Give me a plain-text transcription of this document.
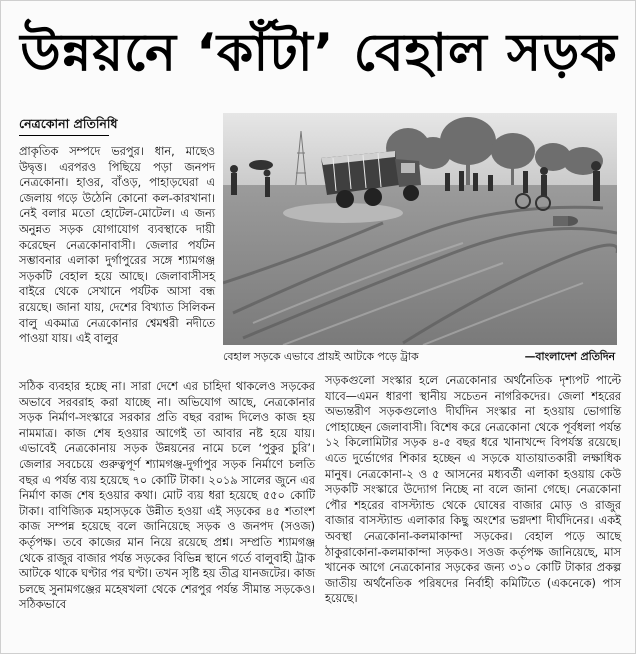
উন্নয়নে ‘কাঁটা’ বেহাল সড়ক
নেত্রকোনা প্রতিনিধি
প্রাকৃতিক সম্পদে ভরপুর। ধান, মাছেও উদ্বৃত্ত। এরপরও পিছিয়ে পড়া জনপদ নেত্রকোনা। হাওর, বাঁওড়, পাহাড়ঘেরা এ জেলায় গড়ে উঠেনি কোনো কল-কারখানা। নেই বলার মতো হোটেল-মোটেল। এ জন্য অনুন্নত সড়ক যোগাযোগ ব্যবস্থাকে দায়ী করেছেন নেত্রকোনাবাসী। জেলার পর্যটন সম্ভাবনার এলাকা দুর্গাপুরের সঙ্গে শ্যামগঞ্জ সড়কটি বেহাল হয়ে আছে। জেলাবাসীসহ বাইরে থেকে সেখানে পর্যটক আসা বন্ধ রয়েছে। জানা যায়, দেশের বিখ্যাত সিলিকন বালু একমাত্র নেত্রকোনার শ্বেমশ্বরী নদীতে পাওয়া যায়। এই বালুর
বেহাল সড়কে এভাবে প্রায়ই আটকে পড়ে ট্রাক	—বাংলাদেশ প্রতিদিন
সঠিক ব্যবহার হচ্ছে না। সারা দেশে এর চাহিদা থাকলেও সড়কের অভাবে সরবরাহ করা যাচ্ছে না। অভিযোগ আছে, নেত্রকোনার সড়ক নির্মাণ-সংস্কারে সরকার প্রতি বছর বরাদ্দ দিলেও কাজ হয় নামমাত্র। কাজ শেষ হওয়ার আগেই তা আবার নষ্ট হয়ে যায়। এভাবেই নেত্রকোনায় সড়ক উন্নয়নের নামে চলে ‘পুকুর চুরি’। জেলার সবচেয়ে গুরুত্বপূর্ণ শ্যামগঞ্জ-দুর্গাপুর সড়ক নির্মাণে চলতি বছর এ পর্যন্ত ব্যয় হয়েছে ৭০ কোটি টাকা। ২০১৯ সালের জুনে এর নির্মাণ কাজ শেষ হওয়ার কথা। মোট ব্যয় ধরা হয়েছে ৫৫০ কোটি টাকা। বাণিজ্যিক মহাসড়কে উন্নীত হওয়া এই সড়কের ৪৫ শতাংশ কাজ সম্পন্ন হয়েছে বলে জানিয়েছে সড়ক ও জনপদ (সওজ) কর্তৃপক্ষ। তবে কাজের মান নিয়ে রয়েছে প্রশ্ন। সম্প্রতি শ্যামগঞ্জ থেকে রাজুর বাজার পর্যন্ত সড়কের বিভিন্ন স্থানে গর্তে বালুবাহী ট্রাক আটকে থাকে ঘণ্টার পর ঘণ্টা। তখন সৃষ্টি হয় তীব্র যানজটের। কাজ চলছে সুনামগঞ্জের মহেষখলা থেকে শেরপুর পর্যন্ত সীমান্ত সড়কেও। সঠিকভাবে
সড়কগুলো সংস্কার হলে নেত্রকোনার অর্থনৈতিক দৃশ্যপট পাল্টে যাবে—এমন ধারণা স্থানীয় সচেতন নাগরিকদের। জেলা শহরের অভ্যন্তরীণ সড়কগুলোও দীর্ঘদিন সংস্কার না হওয়ায় ভোগান্তি পোহাচ্ছেন জেলাবাসী। বিশেষ করে নেত্রকোনা থেকে পূর্বধলা পর্যন্ত ১২ কিলোমিটার সড়ক ৪-৫ বছর ধরে খানাখন্দে বিপর্যস্ত রয়েছে। এতে দুর্ভোগের শিকার হচ্ছেন এ সড়কে যাতায়াতকারী লক্ষাধিক মানুষ। নেত্রকোনা-২ ও ৫ আসনের মধ্যবর্তী এলাকা হওয়ায় কেউ সড়কটি সংস্কারে উদ্যোগ নিচ্ছে না বলে জানা গেছে। নেত্রকোনা পৌর শহরের বাসস্ট্যান্ড থেকে ঘোষের বাজার মোড় ও রাজুর বাজার বাসস্ট্যান্ড এলাকার কিছু অংশের ভগ্নদশা দীর্ঘদিনের। একই অবস্থা নেত্রকোনা-কলমাকান্দা সড়কের। বেহাল পড়ে আছে ঠাকুরাকোনা-কলমাকান্দা সড়কও। সওজ কর্তৃপক্ষ জানিয়েছে, মাস খানেক আগে নেত্রকোনার সড়কের জন্য ৩১০ কোটি টাকার প্রকল্প জাতীয় অর্থনৈতিক পরিষদের নির্বাহী কমিটিতে (একনেকে) পাস হয়েছে।
